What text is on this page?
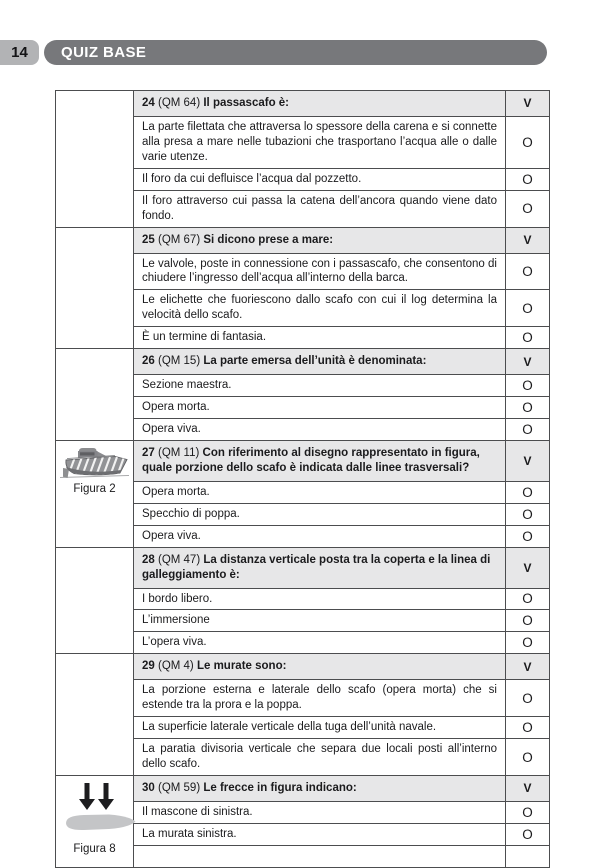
14	QUIZ BASE
	24 (QM 64) Il passascafo è:	V
	La parte filettata che attraversa lo spessore della carena e si connette alla presa a mare nelle tubazioni che trasportano l’acqua alle o dalle varie utenze.	O
	Il foro da cui defluisce l’acqua dal pozzetto.	O
	Il foro attraverso cui passa la catena dell’ancora quando viene dato fondo.	O
	25 (QM 67) Si dicono prese a mare:	V
	Le valvole, poste in connessione con i passascafo, che consentono di chiudere l’ingresso dell’acqua all’interno della barca.	O
	Le elichette che fuoriescono dallo scafo con cui il log determina la velocità dello scafo.	O
	È un termine di fantasia.	O
	26 (QM 15) La parte emersa dell’unità è denominata:	V
	Sezione maestra.	O
	Opera morta.	O
	Opera viva.	O

Figura 2	27 (QM 11) Con riferimento al disegno rappresentato in figura, quale porzione dello scafo è indicata dalle linee trasversali?	V
	Opera morta.	O
	Specchio di poppa.	O
	Opera viva.	O
	28 (QM 47) La distanza verticale posta tra la coperta e la linea di galleggiamento è:	V
	I bordo libero.	O
	L’immersione	O
	L’opera viva.	O
	29 (QM 4) Le murate sono:	V
	La porzione esterna e laterale dello scafo (opera morta) che si estende tra la prora e la poppa.	O
	La superficie laterale verticale della tuga dell’unità navale.	O
	La paratia divisoria verticale che separa due locali posti all’interno dello scafo.	O

Figura 8	30 (QM 59) Le frecce in figura indicano:	V
	Il mascone di sinistra.	O
	La murata sinistra.	O
